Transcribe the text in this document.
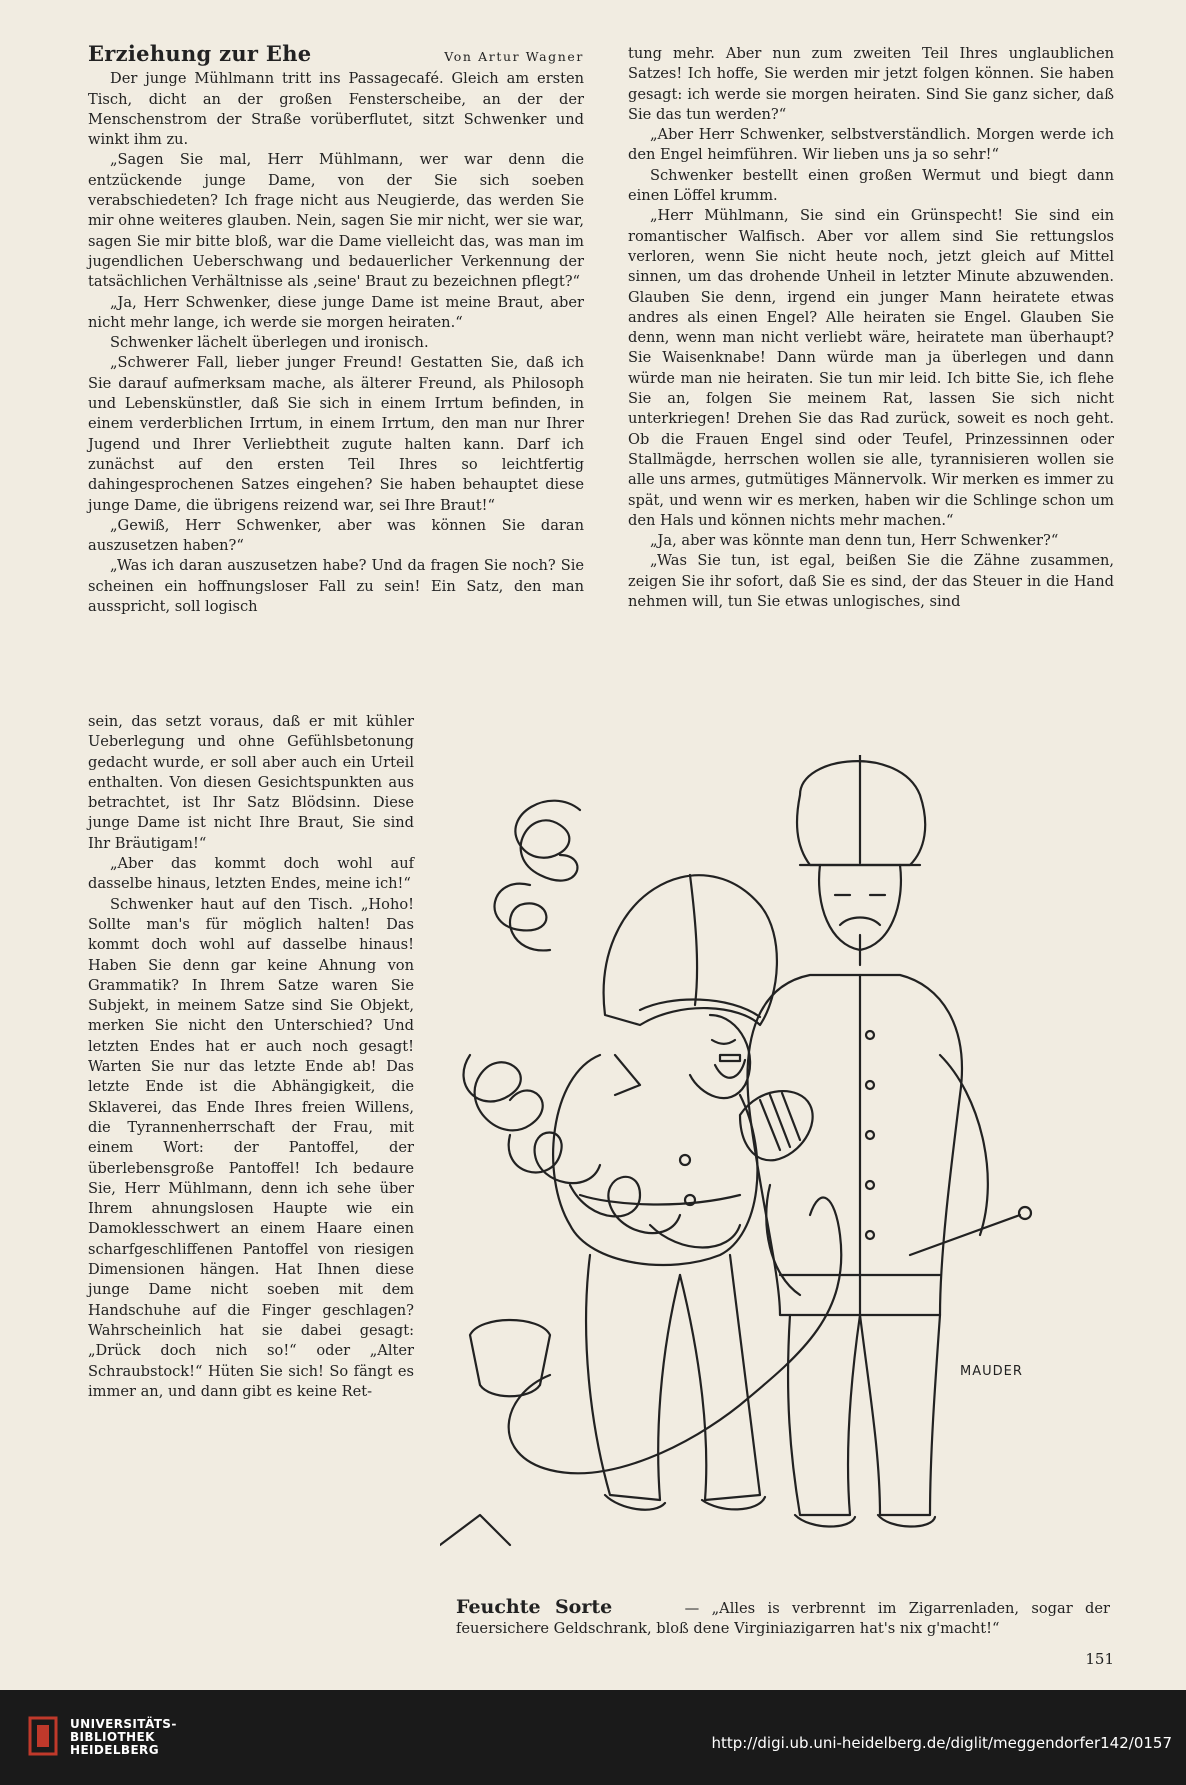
Erziehung zur Ehe	Von Artur Wagner

Der junge Mühlmann tritt ins Passagecafé. Gleich am ersten Tisch, dicht an der großen Fensterscheibe, an der der Menschenstrom der Straße vorüberflutet, sitzt Schwenker und winkt ihm zu.

„Sagen Sie mal, Herr Mühlmann, wer war denn die entzückende junge Dame, von der Sie sich soeben verabschiedeten? Ich frage nicht aus Neugierde, das werden Sie mir ohne weiteres glauben. Nein, sagen Sie mir nicht, wer sie war, sagen Sie mir bitte bloß, war die Dame vielleicht das, was man im jugendlichen Ueberschwang und bedauerlicher Verkennung der tatsächlichen Verhältnisse als ‚seine' Braut zu bezeichnen pflegt?“

„Ja, Herr Schwenker, diese junge Dame ist meine Braut, aber nicht mehr lange, ich werde sie morgen heiraten.“

Schwenker lächelt überlegen und ironisch.

„Schwerer Fall, lieber junger Freund! Gestatten Sie, daß ich Sie darauf aufmerksam mache, als älterer Freund, als Philosoph und Lebenskünstler, daß Sie sich in einem Irrtum befinden, in einem verderblichen Irrtum, in einem Irrtum, den man nur Ihrer Jugend und Ihrer Verliebtheit zugute halten kann. Darf ich zunächst auf den ersten Teil Ihres so leichtfertig dahingesprochenen Satzes eingehen? Sie haben behauptet diese junge Dame, die übrigens reizend war, sei Ihre Braut!“

„Gewiß, Herr Schwenker, aber was können Sie daran auszusetzen haben?“

„Was ich daran auszusetzen habe? Und da fragen Sie noch? Sie scheinen ein hoffnungsloser Fall zu sein! Ein Satz, den man ausspricht, soll logisch

sein, das setzt voraus, daß er mit kühler Ueberlegung und ohne Gefühlsbetonung gedacht wurde, er soll aber auch ein Urteil enthalten. Von diesen Gesichtspunkten aus betrachtet, ist Ihr Satz Blödsinn. Diese junge Dame ist nicht Ihre Braut, Sie sind Ihr Bräutigam!“

„Aber das kommt doch wohl auf dasselbe hinaus, letzten Endes, meine ich!“

Schwenker haut auf den Tisch. „Hoho! Sollte man's für möglich halten! Das kommt doch wohl auf dasselbe hinaus! Haben Sie denn gar keine Ahnung von Grammatik? In Ihrem Satze waren Sie Subjekt, in meinem Satze sind Sie Objekt, merken Sie nicht den Unterschied? Und letzten Endes hat er auch noch gesagt! Warten Sie nur das letzte Ende ab! Das letzte Ende ist die Abhängigkeit, die Sklaverei, das Ende Ihres freien Willens, die Tyrannenherrschaft der Frau, mit einem Wort: der Pantoffel, der überlebensgroße Pantoffel! Ich bedaure Sie, Herr Mühlmann, denn ich sehe über Ihrem ahnungslosen Haupte wie ein Damoklesschwert an einem Haare einen scharfgeschliffenen Pantoffel von riesigen Dimensionen hängen. Hat Ihnen diese junge Dame nicht soeben mit dem Handschuhe auf die Finger geschlagen? Wahrscheinlich hat sie dabei gesagt: „Drück doch nich so!“ oder „Alter Schraubstock!“ Hüten Sie sich! So fängt es immer an, und dann gibt es keine Ret-

tung mehr. Aber nun zum zweiten Teil Ihres unglaublichen Satzes! Ich hoffe, Sie werden mir jetzt folgen können. Sie haben gesagt: ich werde sie morgen heiraten. Sind Sie ganz sicher, daß Sie das tun werden?“

„Aber Herr Schwenker, selbstverständlich. Morgen werde ich den Engel heimführen. Wir lieben uns ja so sehr!“

Schwenker bestellt einen großen Wermut und biegt dann einen Löffel krumm.

„Herr Mühlmann, Sie sind ein Grünspecht! Sie sind ein romantischer Walfisch. Aber vor allem sind Sie rettungslos verloren, wenn Sie nicht heute noch, jetzt gleich auf Mittel sinnen, um das drohende Unheil in letzter Minute abzuwenden. Glauben Sie denn, irgend ein junger Mann heiratete etwas andres als einen Engel? Alle heiraten sie Engel. Glauben Sie denn, wenn man nicht verliebt wäre, heiratete man überhaupt? Sie Waisenknabe! Dann würde man ja überlegen und dann würde man nie heiraten. Sie tun mir leid. Ich bitte Sie, ich flehe Sie an, folgen Sie meinem Rat, lassen Sie sich nicht unterkriegen! Drehen Sie das Rad zurück, soweit es noch geht. Ob die Frauen Engel sind oder Teufel, Prinzessinnen oder Stallmägde, herrschen wollen sie alle, tyrannisieren wollen sie alle uns armes, gutmütiges Männervolk. Wir merken es immer zu spät, und wenn wir es merken, haben wir die Schlinge schon um den Hals und können nichts mehr machen.“

„Ja, aber was könnte man denn tun, Herr Schwenker?“

„Was Sie tun, ist egal, beißen Sie die Zähne zusammen, zeigen Sie ihr sofort, daß Sie es sind, der das Steuer in die Hand nehmen will, tun Sie etwas unlogisches, sind

MAUDER
Feuchte Sorte	— „Alles is verbrennt im Zigarrenladen, sogar der feuersichere Geldschrank, bloß dene Virginiazigarren hat's nix g'macht!“
151
UNIVERSITÄTS-
BIBLIOTHEK
HEIDELBERG	http://digi.ub.uni-heidelberg.de/diglit/meggendorfer142/0157
